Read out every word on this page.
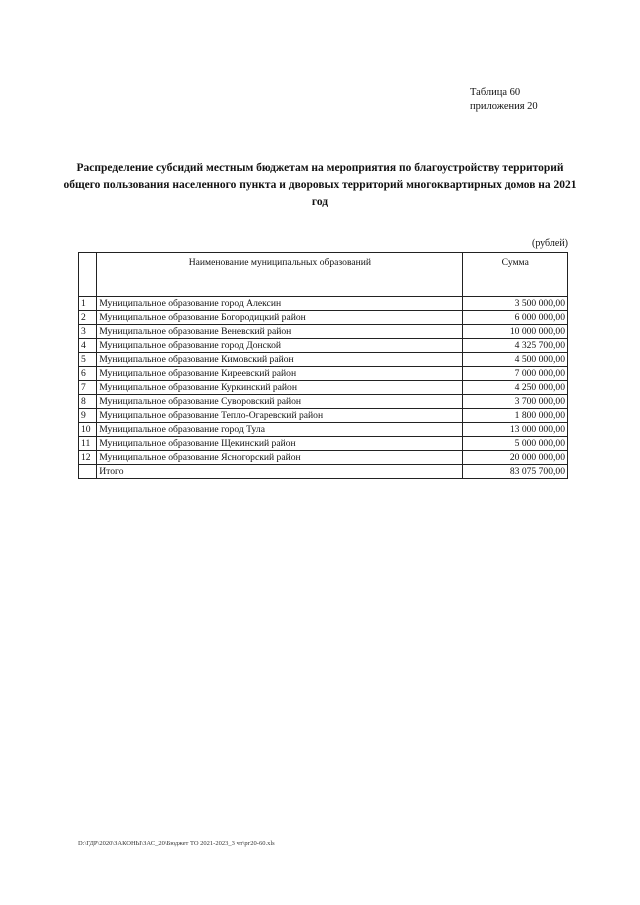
Таблица 60
приложения 20
Распределение субсидий местным бюджетам на мероприятия по благоустройству территорий общего пользования населенного пункта и дворовых территорий многоквартирных домов на 2021 год
(рублей)
	Наименование муниципальных образований	Сумма
1	Муниципальное образование город Алексин	3 500 000,00
2	Муниципальное образование Богородицкий район	6 000 000,00
3	Муниципальное образование Веневский район	10 000 000,00
4	Муниципальное образование город Донской	4 325 700,00
5	Муниципальное образование Кимовский район	4 500 000,00
6	Муниципальное образование Киреевский район	7 000 000,00
7	Муниципальное образование Куркинский район	4 250 000,00
8	Муниципальное образование Суворовский район	3 700 000,00
9	Муниципальное образование Тепло-Огаревский район	1 800 000,00
10	Муниципальное образование город Тула	13 000 000,00
11	Муниципальное образование Щекинский район	5 000 000,00
12	Муниципальное образование Ясногорский район	20 000 000,00
	Итого	83 075 700,00
D:\ГДР\2020\ЗАКОНЫ\ЗАС_20\Бюджет ТО 2021-2023_3 чт\рг20-60.xls
